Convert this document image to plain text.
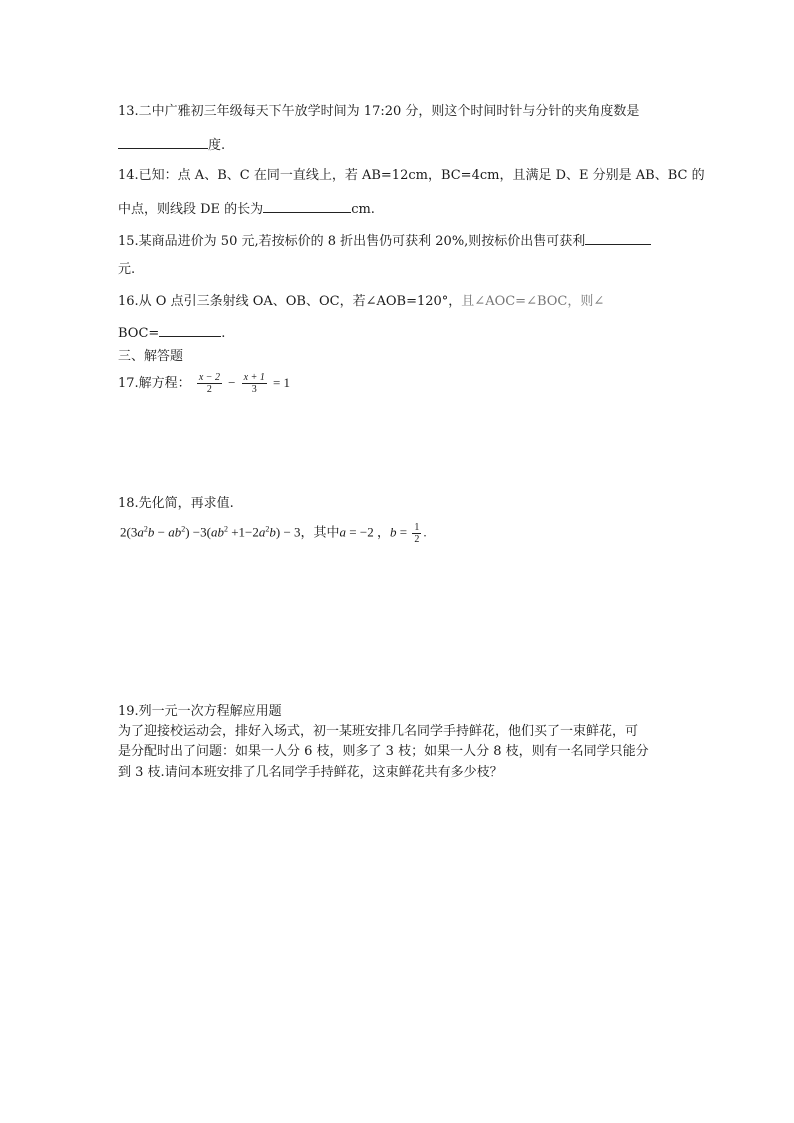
13.二中广雅初三年级每天下午放学时间为 17:20 分，则这个时间时针与分针的夹角度数是
度.
14.已知：点 A、B、C 在同一直线上，若 AB=12cm，BC=4cm，且满足 D、E 分别是 AB、BC 的
中点，则线段 DE 的长为	cm.
15.某商品进价为 50 元,若按标价的 8 折出售仍可获利 20%,则按标价出售可获利
元.
16.从 O 点引三条射线 OA、OB、OC，若∠AOB=120°，且∠AOC=∠BOC，则∠
BOC=	.
三、解答题
17.解方程： $\frac{x - 2}{2} - \frac{x + 1}{3} = 1$
18.先化简，再求值.
$2(3a^2b - ab^2) -3(ab^2 +1-2a^2b) - 3$，其中a = −2 ，$b = \frac{1}{2}$ .
19.列一元一次方程解应用题
为了迎接校运动会，排好入场式，初一某班安排几名同学手持鲜花，他们买了一束鲜花，可
是分配时出了问题：如果一人分 6 枝，则多了 3 枝；如果一人分 8 枝，则有一名同学只能分
到 3 枝.请问本班安排了几名同学手持鲜花，这束鲜花共有多少枝？
